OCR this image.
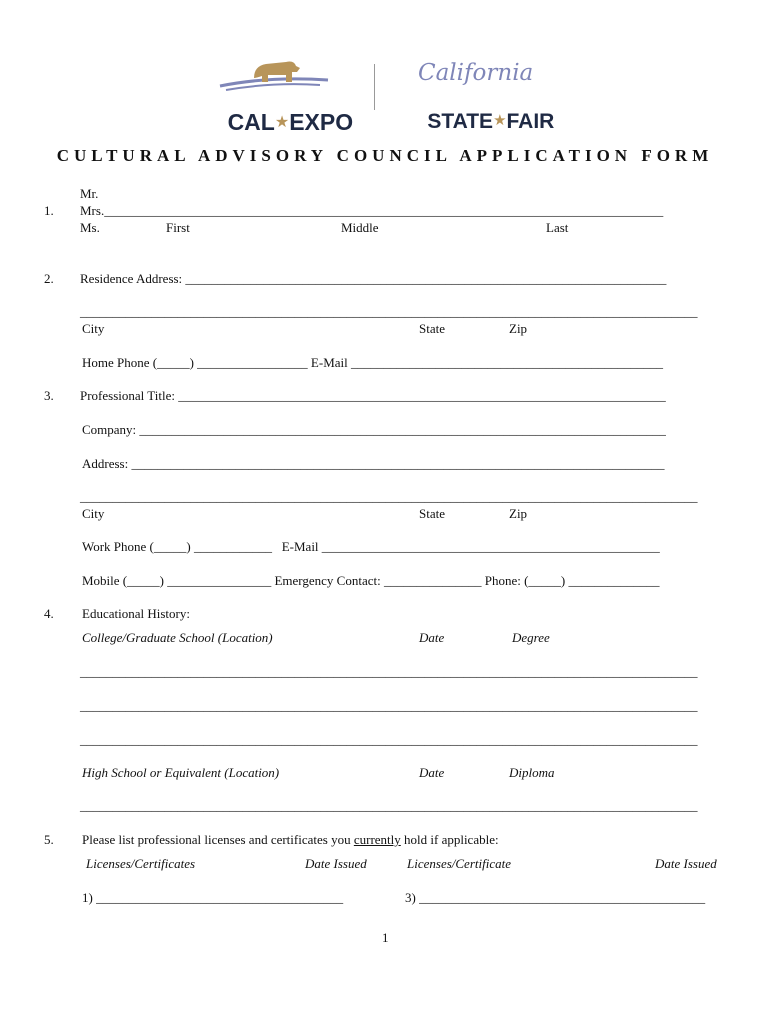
CAL★EXPO

California

STATE★FAIR

CULTURAL ADVISORY COUNCIL APPLICATION FORM
1.
Mr.
Mrs.______________________________________________________________________________________
Ms.	First	Middle	Last
2. Residence Address: __________________________________________________________________________
_______________________________________________________________________________________________
City	State	Zip
Home Phone (_____) _________________ E-Mail ________________________________________________
3. Professional Title: ___________________________________________________________________________
Company: _________________________________________________________________________________
Address: __________________________________________________________________________________
_______________________________________________________________________________________________
City	State	Zip
Work Phone (_____) ____________   E-Mail ____________________________________________________
Mobile (_____) ________________ Emergency Contact: _______________ Phone: (_____) ______________
4. Educational History:
College/Graduate School (Location)	Date	Degree
_______________________________________________________________________________________________
_______________________________________________________________________________________________
_______________________________________________________________________________________________
High School or Equivalent (Location)	Date	Diploma
_______________________________________________________________________________________________
5. Please list professional licenses and certificates you currently hold if applicable:
Licenses/Certificates	Date Issued	Licenses/Certificate	Date Issued
1) ______________________________________	3) ____________________________________________
1
